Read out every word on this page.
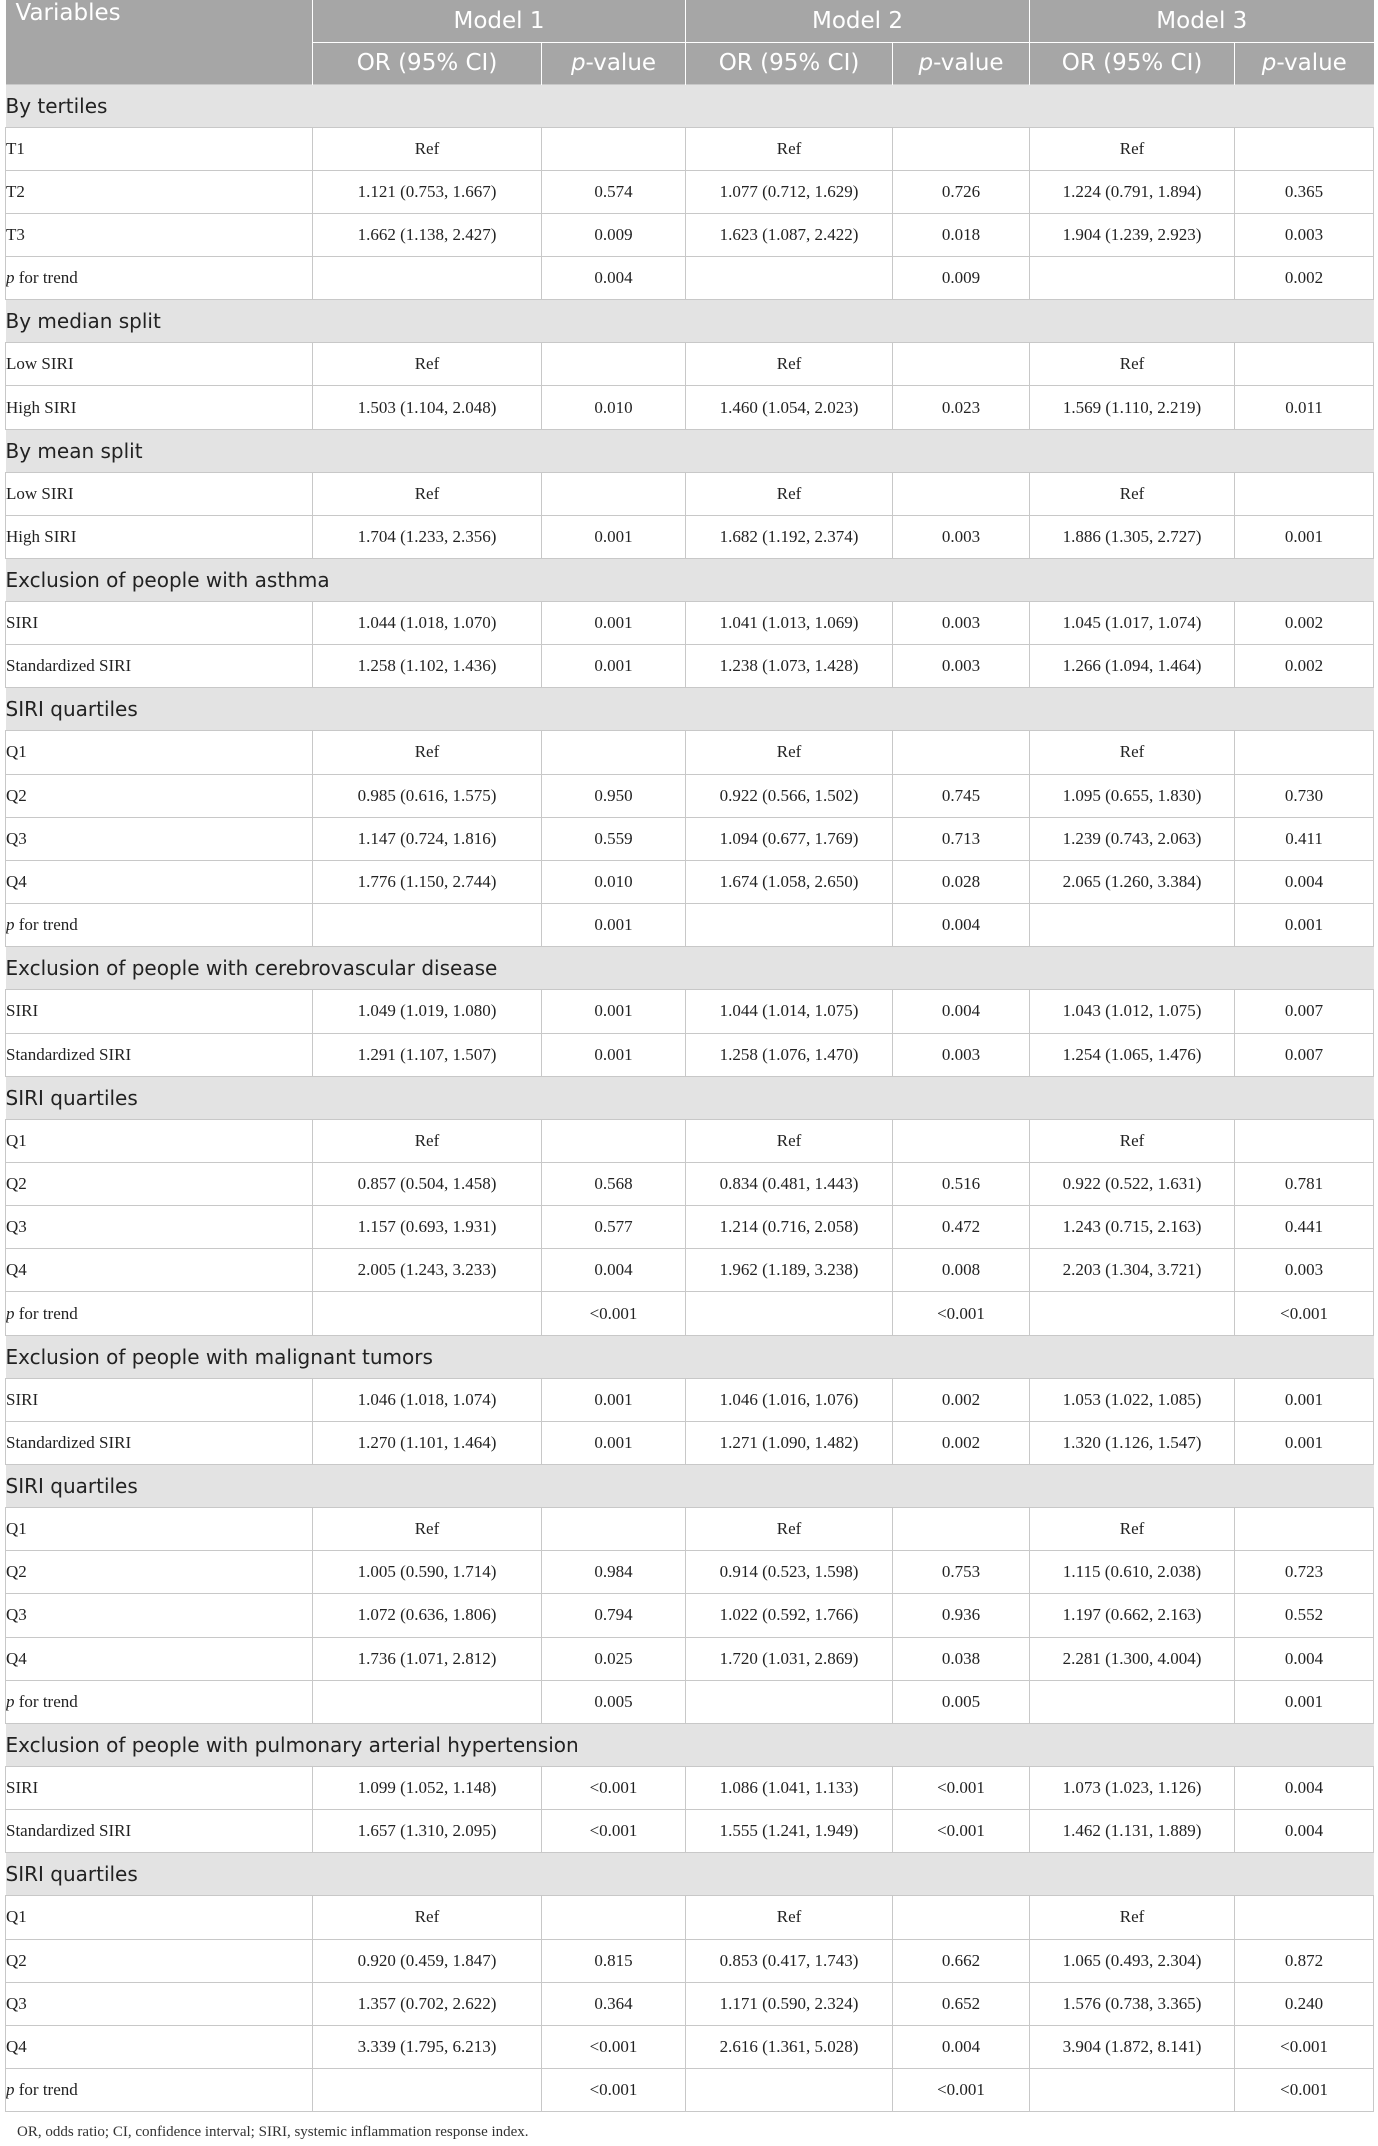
Variables	Model 1		Model 2		Model 3	
	OR (95% CI)	p-value	OR (95% CI)	p-value	OR (95% CI)	p-value
By tertiles						
T1	Ref		Ref		Ref	
T2	1.121 (0.753, 1.667)	0.574	1.077 (0.712, 1.629)	0.726	1.224 (0.791, 1.894)	0.365
T3	1.662 (1.138, 2.427)	0.009	1.623 (1.087, 2.422)	0.018	1.904 (1.239, 2.923)	0.003
p for trend		0.004		0.009		0.002
By median split						
Low SIRI	Ref		Ref		Ref	
High SIRI	1.503 (1.104, 2.048)	0.010	1.460 (1.054, 2.023)	0.023	1.569 (1.110, 2.219)	0.011
By mean split						
Low SIRI	Ref		Ref		Ref	
High SIRI	1.704 (1.233, 2.356)	0.001	1.682 (1.192, 2.374)	0.003	1.886 (1.305, 2.727)	0.001
Exclusion of people with asthma						
SIRI	1.044 (1.018, 1.070)	0.001	1.041 (1.013, 1.069)	0.003	1.045 (1.017, 1.074)	0.002
Standardized SIRI	1.258 (1.102, 1.436)	0.001	1.238 (1.073, 1.428)	0.003	1.266 (1.094, 1.464)	0.002
SIRI quartiles						
Q1	Ref		Ref		Ref	
Q2	0.985 (0.616, 1.575)	0.950	0.922 (0.566, 1.502)	0.745	1.095 (0.655, 1.830)	0.730
Q3	1.147 (0.724, 1.816)	0.559	1.094 (0.677, 1.769)	0.713	1.239 (0.743, 2.063)	0.411
Q4	1.776 (1.150, 2.744)	0.010	1.674 (1.058, 2.650)	0.028	2.065 (1.260, 3.384)	0.004
p for trend		0.001		0.004		0.001
Exclusion of people with cerebrovascular disease						
SIRI	1.049 (1.019, 1.080)	0.001	1.044 (1.014, 1.075)	0.004	1.043 (1.012, 1.075)	0.007
Standardized SIRI	1.291 (1.107, 1.507)	0.001	1.258 (1.076, 1.470)	0.003	1.254 (1.065, 1.476)	0.007
SIRI quartiles						
Q1	Ref		Ref		Ref	
Q2	0.857 (0.504, 1.458)	0.568	0.834 (0.481, 1.443)	0.516	0.922 (0.522, 1.631)	0.781
Q3	1.157 (0.693, 1.931)	0.577	1.214 (0.716, 2.058)	0.472	1.243 (0.715, 2.163)	0.441
Q4	2.005 (1.243, 3.233)	0.004	1.962 (1.189, 3.238)	0.008	2.203 (1.304, 3.721)	0.003
p for trend		<0.001		<0.001		<0.001
Exclusion of people with malignant tumors						
SIRI	1.046 (1.018, 1.074)	0.001	1.046 (1.016, 1.076)	0.002	1.053 (1.022, 1.085)	0.001
Standardized SIRI	1.270 (1.101, 1.464)	0.001	1.271 (1.090, 1.482)	0.002	1.320 (1.126, 1.547)	0.001
SIRI quartiles						
Q1	Ref		Ref		Ref	
Q2	1.005 (0.590, 1.714)	0.984	0.914 (0.523, 1.598)	0.753	1.115 (0.610, 2.038)	0.723
Q3	1.072 (0.636, 1.806)	0.794	1.022 (0.592, 1.766)	0.936	1.197 (0.662, 2.163)	0.552
Q4	1.736 (1.071, 2.812)	0.025	1.720 (1.031, 2.869)	0.038	2.281 (1.300, 4.004)	0.004
p for trend		0.005		0.005		0.001
Exclusion of people with pulmonary arterial hypertension						
SIRI	1.099 (1.052, 1.148)	<0.001	1.086 (1.041, 1.133)	<0.001	1.073 (1.023, 1.126)	0.004
Standardized SIRI	1.657 (1.310, 2.095)	<0.001	1.555 (1.241, 1.949)	<0.001	1.462 (1.131, 1.889)	0.004
SIRI quartiles						
Q1	Ref		Ref		Ref	
Q2	0.920 (0.459, 1.847)	0.815	0.853 (0.417, 1.743)	0.662	1.065 (0.493, 2.304)	0.872
Q3	1.357 (0.702, 2.622)	0.364	1.171 (0.590, 2.324)	0.652	1.576 (0.738, 3.365)	0.240
Q4	3.339 (1.795, 6.213)	<0.001	2.616 (1.361, 5.028)	0.004	3.904 (1.872, 8.141)	<0.001
p for trend		<0.001		<0.001		<0.001
OR, odds ratio; CI, confidence interval; SIRI, systemic inflammation response index.
